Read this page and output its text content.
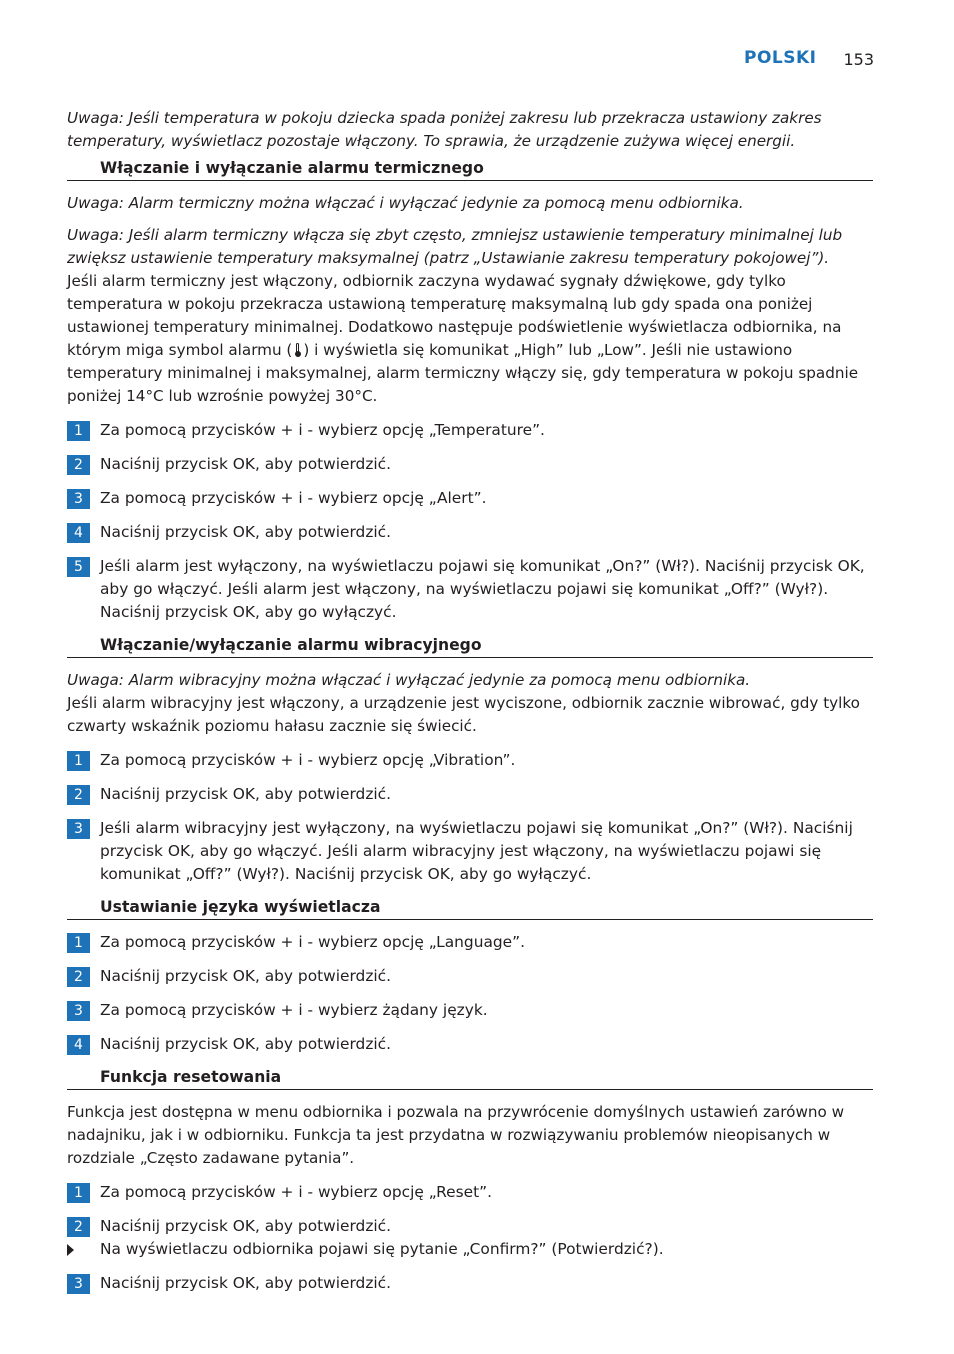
POLSKI 153

Uwaga: Jeśli temperatura w pokoju dziecka spada poniżej zakresu lub przekracza ustawiony zakres temperatury, wyświetlacz pozostaje włączony. To sprawia, że urządzenie zużywa więcej energii.

Włączanie i wyłączanie alarmu termicznego

Uwaga: Alarm termiczny można włączać i wyłączać jedynie za pomocą menu odbiornika.

Uwaga: Jeśli alarm termiczny włącza się zbyt często, zmniejsz ustawienie temperatury minimalnej lub zwiększ ustawienie temperatury maksymalnej (patrz „Ustawianie zakresu temperatury pokojowej”).

Jeśli alarm termiczny jest włączony, odbiornik zaczyna wydawać sygnały dźwiękowe, gdy tylko temperatura w pokoju przekracza ustawioną temperaturę maksymalną lub gdy spada ona poniżej ustawionej temperatury minimalnej. Dodatkowo następuje podświetlenie wyświetlacza odbiornika, na którym miga symbol alarmu ( ) i wyświetla się komunikat „High” lub „Low”. Jeśli nie ustawiono temperatury minimalnej i maksymalnej, alarm termiczny włączy się, gdy temperatura w pokoju spadnie poniżej 14°C lub wzrośnie powyżej 30°C.

1	Za pomocą przycisków + i - wybierz opcję „Temperature”.
2	Naciśnij przycisk OK, aby potwierdzić.
3	Za pomocą przycisków + i - wybierz opcję „Alert”.
4	Naciśnij przycisk OK, aby potwierdzić.
5	Jeśli alarm jest wyłączony, na wyświetlaczu pojawi się komunikat „On?” (Wł?). Naciśnij przycisk OK, aby go włączyć. Jeśli alarm jest włączony, na wyświetlaczu pojawi się komunikat „Off?” (Wył?). Naciśnij przycisk OK, aby go wyłączyć.
Włączanie/wyłączanie alarmu wibracyjnego

Uwaga: Alarm wibracyjny można włączać i wyłączać jedynie za pomocą menu odbiornika.

Jeśli alarm wibracyjny jest włączony, a urządzenie jest wyciszone, odbiornik zacznie wibrować, gdy tylko czwarty wskaźnik poziomu hałasu zacznie się świecić.

1	Za pomocą przycisków + i - wybierz opcję „Vibration”.
2	Naciśnij przycisk OK, aby potwierdzić.
3	Jeśli alarm wibracyjny jest wyłączony, na wyświetlaczu pojawi się komunikat „On?” (Wł?). Naciśnij przycisk OK, aby go włączyć. Jeśli alarm wibracyjny jest włączony, na wyświetlaczu pojawi się komunikat „Off?” (Wył?). Naciśnij przycisk OK, aby go wyłączyć.
Ustawianie języka wyświetlacza
1	Za pomocą przycisków + i - wybierz opcję „Language”.
2	Naciśnij przycisk OK, aby potwierdzić.
3	Za pomocą przycisków + i - wybierz żądany język.
4	Naciśnij przycisk OK, aby potwierdzić.
Funkcja resetowania

Funkcja jest dostępna w menu odbiornika i pozwala na przywrócenie domyślnych ustawień zarówno w nadajniku, jak i w odbiorniku. Funkcja ta jest przydatna w rozwiązywaniu problemów nieopisanych w rozdziale „Często zadawane pytania”.

1	Za pomocą przycisków + i - wybierz opcję „Reset”.
2	Naciśnij przycisk OK, aby potwierdzić.
Na wyświetlaczu odbiornika pojawi się pytanie „Confirm?” (Potwierdzić?).
3	Naciśnij przycisk OK, aby potwierdzić.
